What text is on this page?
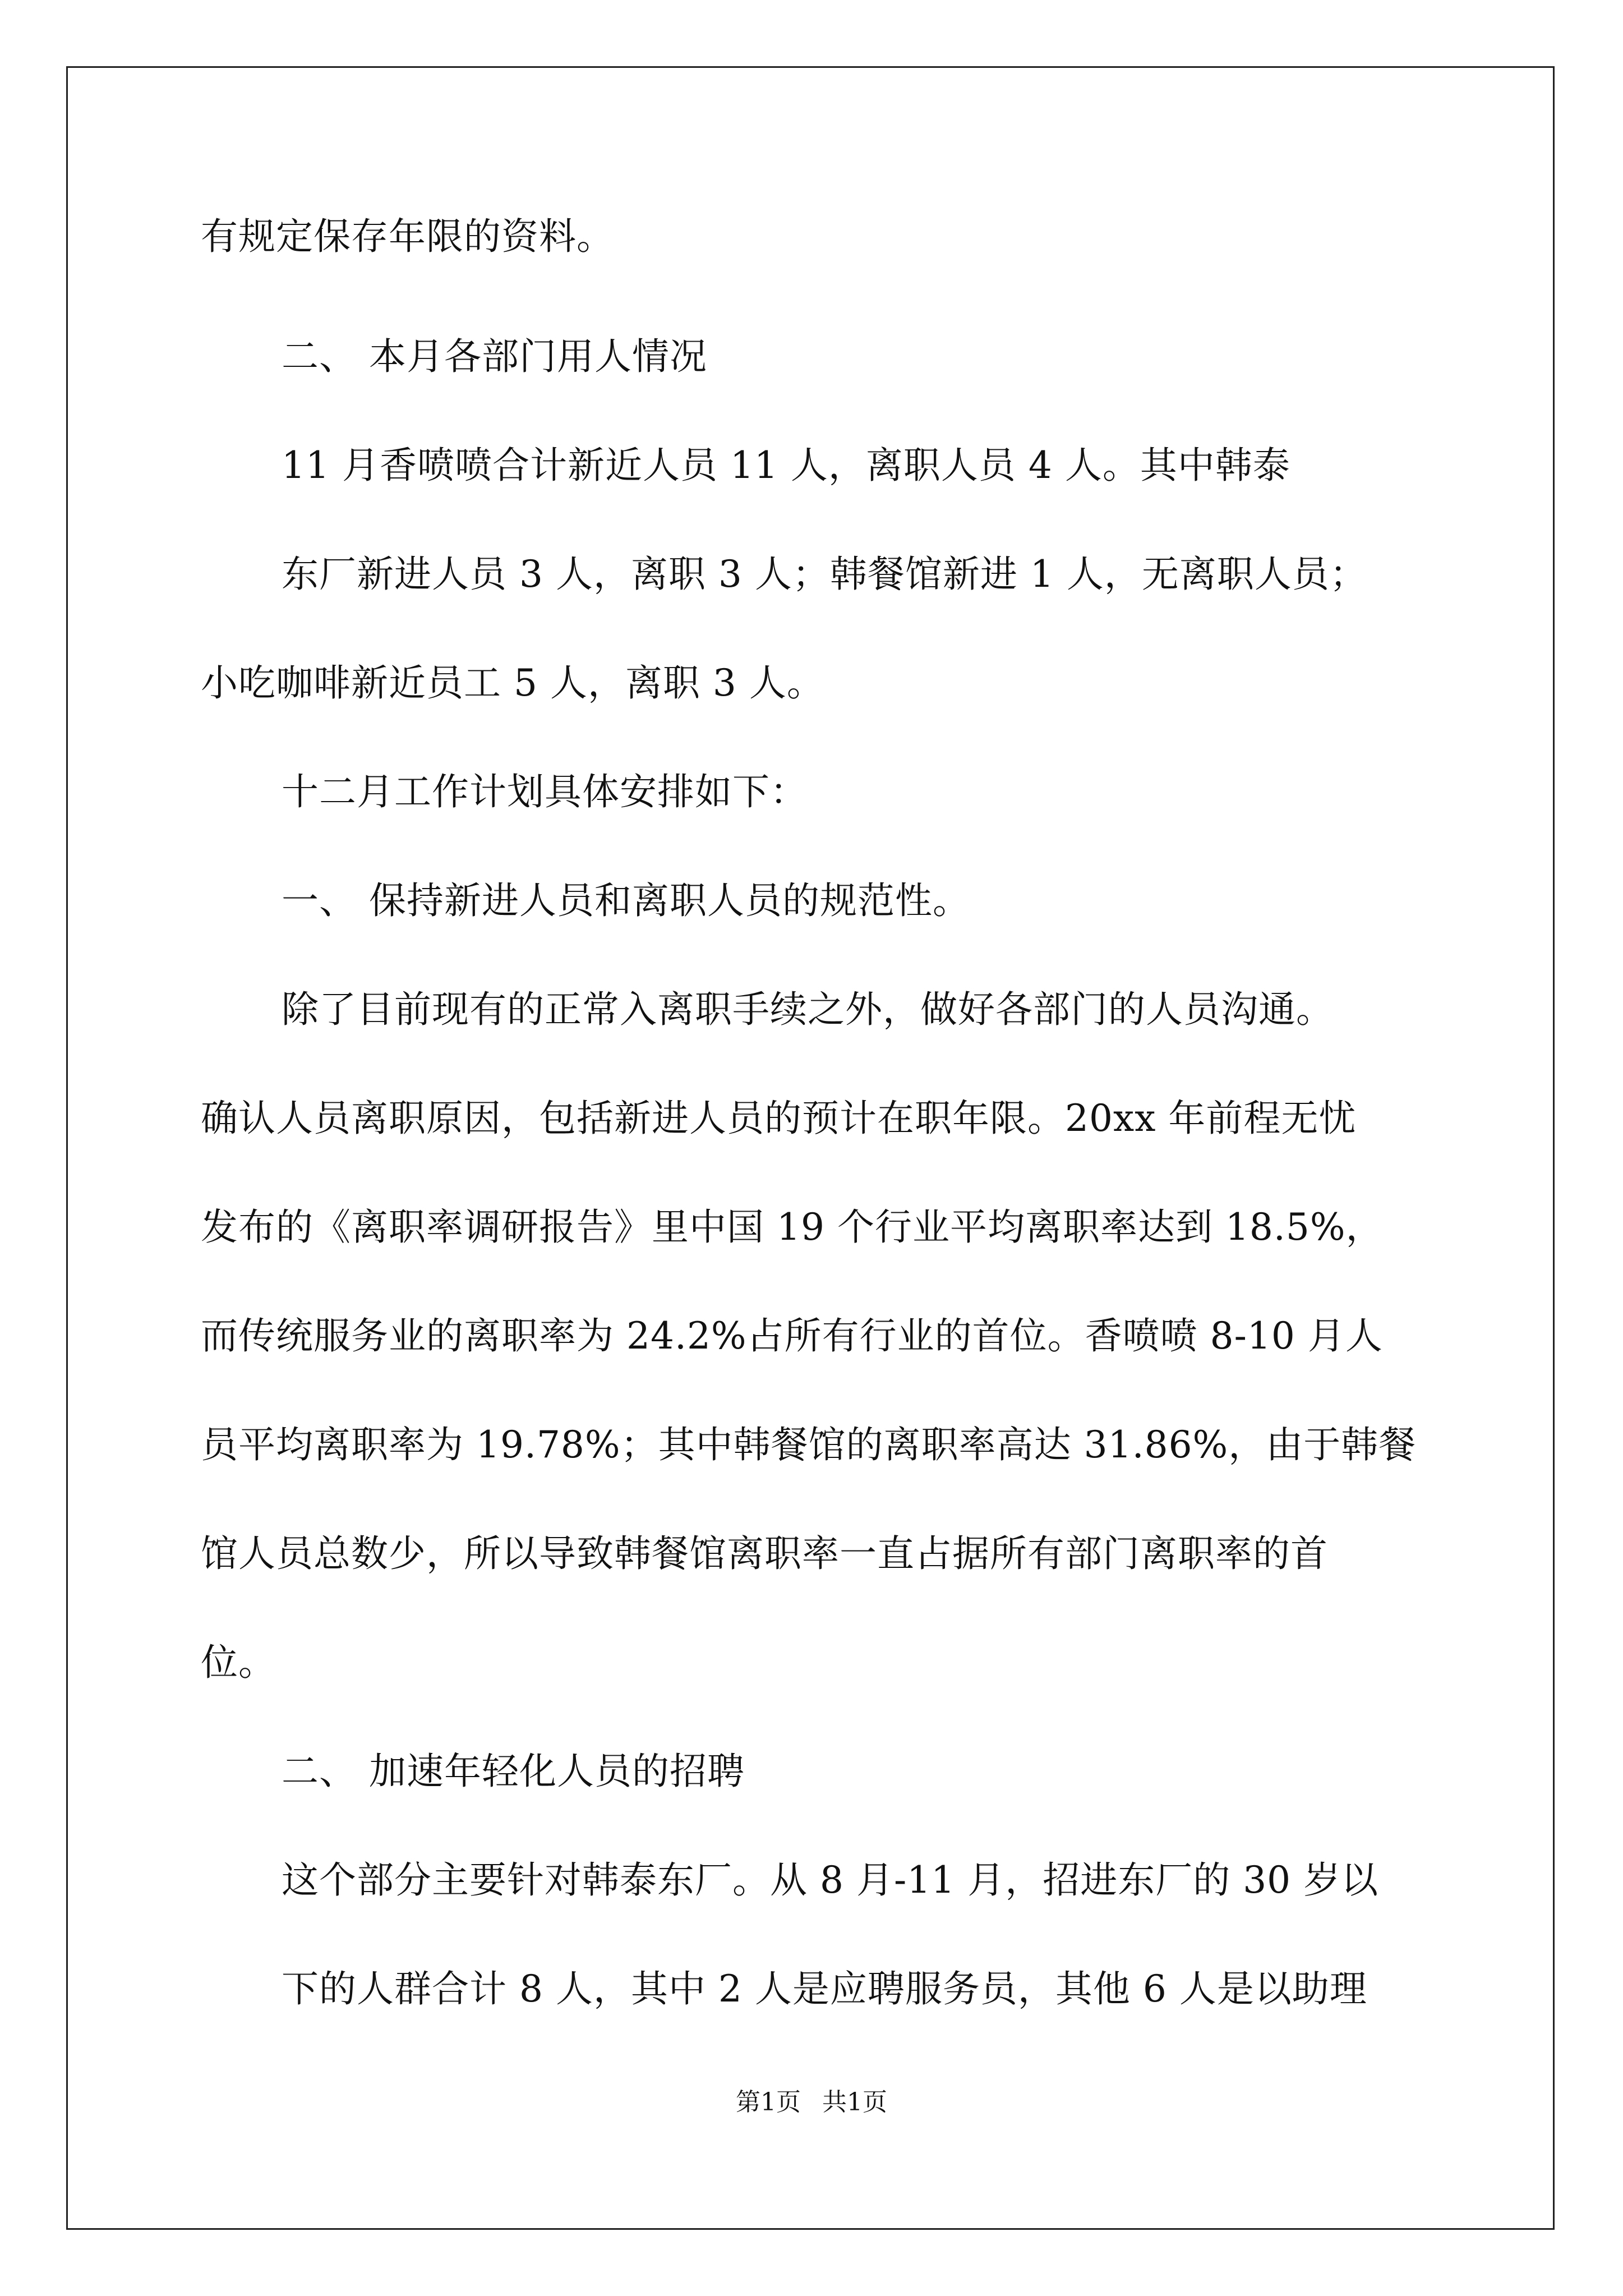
有规定保存年限的资料。
二、 本月各部门用人情况
11 月香喷喷合计新近人员 11 人，离职人员 4 人。其中韩泰
东厂新进人员 3 人，离职 3 人；韩餐馆新进 1 人，无离职人员；
小吃咖啡新近员工 5 人，离职 3 人。
十二月工作计划具体安排如下：
一、 保持新进人员和离职人员的规范性。
除了目前现有的正常入离职手续之外，做好各部门的人员沟通。
确认人员离职原因，包括新进人员的预计在职年限。20xx 年前程无忧
发布的《离职率调研报告》里中国 19 个行业平均离职率达到 18.5%，
而传统服务业的离职率为 24.2%占所有行业的首位。香喷喷 8-10 月人
员平均离职率为 19.78%；其中韩餐馆的离职率高达 31.86%，由于韩餐
馆人员总数少，所以导致韩餐馆离职率一直占据所有部门离职率的首
位。
二、 加速年轻化人员的招聘
这个部分主要针对韩泰东厂。从 8 月-11 月，招进东厂的 30 岁以
下的人群合计 8 人，其中 2 人是应聘服务员，其他 6 人是以助理
第1页 共1页
